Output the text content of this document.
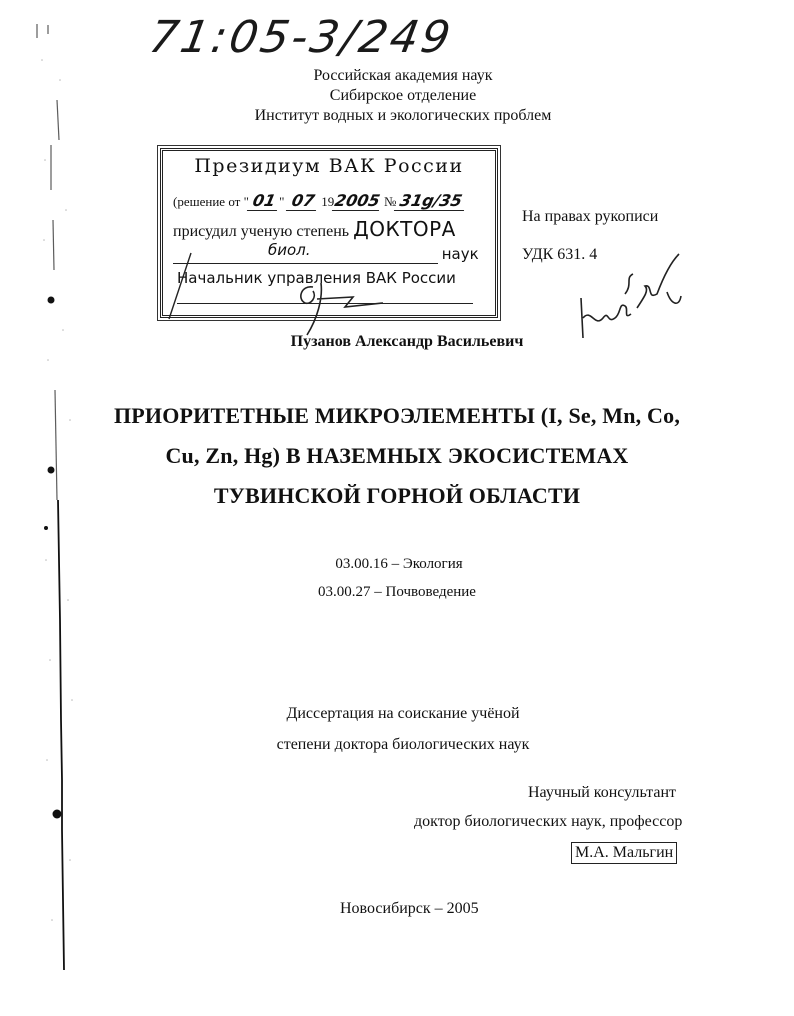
71:05-3/249
Российская академия наук
Сибирское отделение
Институт водных и экологических проблем
Президиум ВАК России
(решение от " 01 " 07 192005 № 31g/35
присудил ученую степень ДОКТОРА
биол.	наук
Начальник управления ВАК России
На правах рукописи
УДК 631. 4
Пузанов Александр Васильевич
ПРИОРИТЕТНЫЕ МИКРОЭЛЕМЕНТЫ (I, Se, Mn, Co,
Cu, Zn, Hg) В НАЗЕМНЫХ ЭКОСИСТЕМАХ
ТУВИНСКОЙ ГОРНОЙ ОБЛАСТИ
03.00.16 – Экология
03.00.27 – Почвоведение
Диссертация на соискание учёной
степени доктора биологических наук
Научный консультант
доктор биологических наук, профессор
М.А. Мальгин
Новосибирск – 2005
